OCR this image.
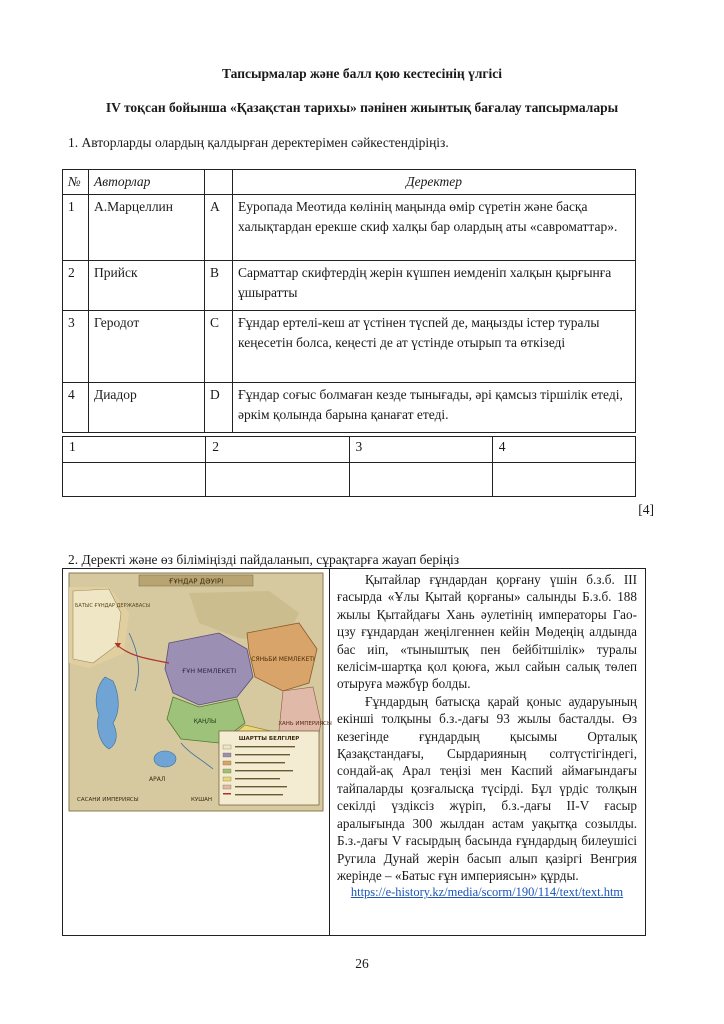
Тапсырмалар және балл қою кестесінің үлгісі
IV тоқсан бойынша «Қазақстан тарихы» пәнінен жиынтық бағалау тапсырмалары
1. Авторларды олардың қалдырған деректерімен сәйкестендіріңіз.
№	Авторлар		Деректер
1	А.Марцеллин	A	Еуропада Меотида көлінің маңында өмір сүретін және басқа халықтардан ерекше скиф халқы бар олардың аты «савроматтар».
2	Прийск	B	Сарматтар скифтердің жерін күшпен иемденіп халқын қырғынға ұшыратты
3	Геродот	C	Ғұндар ертелі-кеш ат үстінен түспей де, маңызды істер туралы кеңесетін болса, кеңесті де ат үстінде отырып та өткізеді
4	Диадор	D	Ғұндар соғыс болмаған кезде тынығады, әрі қамсыз тіршілік етеді, әркім қолында барына қанағат етеді.
1	2	3	4

[4]
2. Деректі және өз біліміңізді пайдаланып, сұрақтарға жауап беріңіз
ҒҰНДАР ДӘУІРІ
БАТЫС ҒҰНДАР ДЕРЖАВАСЫ
ҒҰН МЕМЛЕКЕТІ
СЯНЬБИ МЕМЛЕКЕТІ
ҚАҢЛЫ	ХАНЬ ИМПЕРИЯСЫ
АРАЛ
САСАНИ ИМПЕРИЯСЫ	КУШАН
ШАРТТЫ БЕЛГІЛЕР

Қытайлар ғұндардан қорғану үшін б.з.б. ІІІ ғасырда «Ұлы Қытай қорғаны» салынды Б.з.б. 188 жылы Қытайдағы Хань әулетінің императоры Гао-цзу ғұндардан жеңілгеннен кейін Мөдеңің алдында бас иіп, «тыныштық пен бейбітшілік» туралы келісім-шартқа қол қоюға, жыл сайын салық төлеп отыруға мәжбүр болды.

Ғұндардың батысқа қарай қоныс аударуының екінші толқыны б.з.-дағы 93 жылы басталды. Өз кезегінде ғұндардың қысымы Орталық Қазақстандағы, Сырдарияның солтүстігіндегі, сондай-ақ Арал теңізі мен Каспий аймағындағы тайпаларды қозғалысқа түсірді. Бұл үрдіс толқын секілді үздіксіз жүріп, б.з.-дағы ІІ-V ғасыр аралығында 300 жылдан астам уақытқа созылды. Б.з.-дағы V ғасырдың басында ғұндардың билеушісі Ругила Дунай жерін басып алып қазіргі Венгрия жерінде – «Батыс ғұн империясын» құрды.

https://e-history.kz/media/scorm/190/114/text/text.htm
26
